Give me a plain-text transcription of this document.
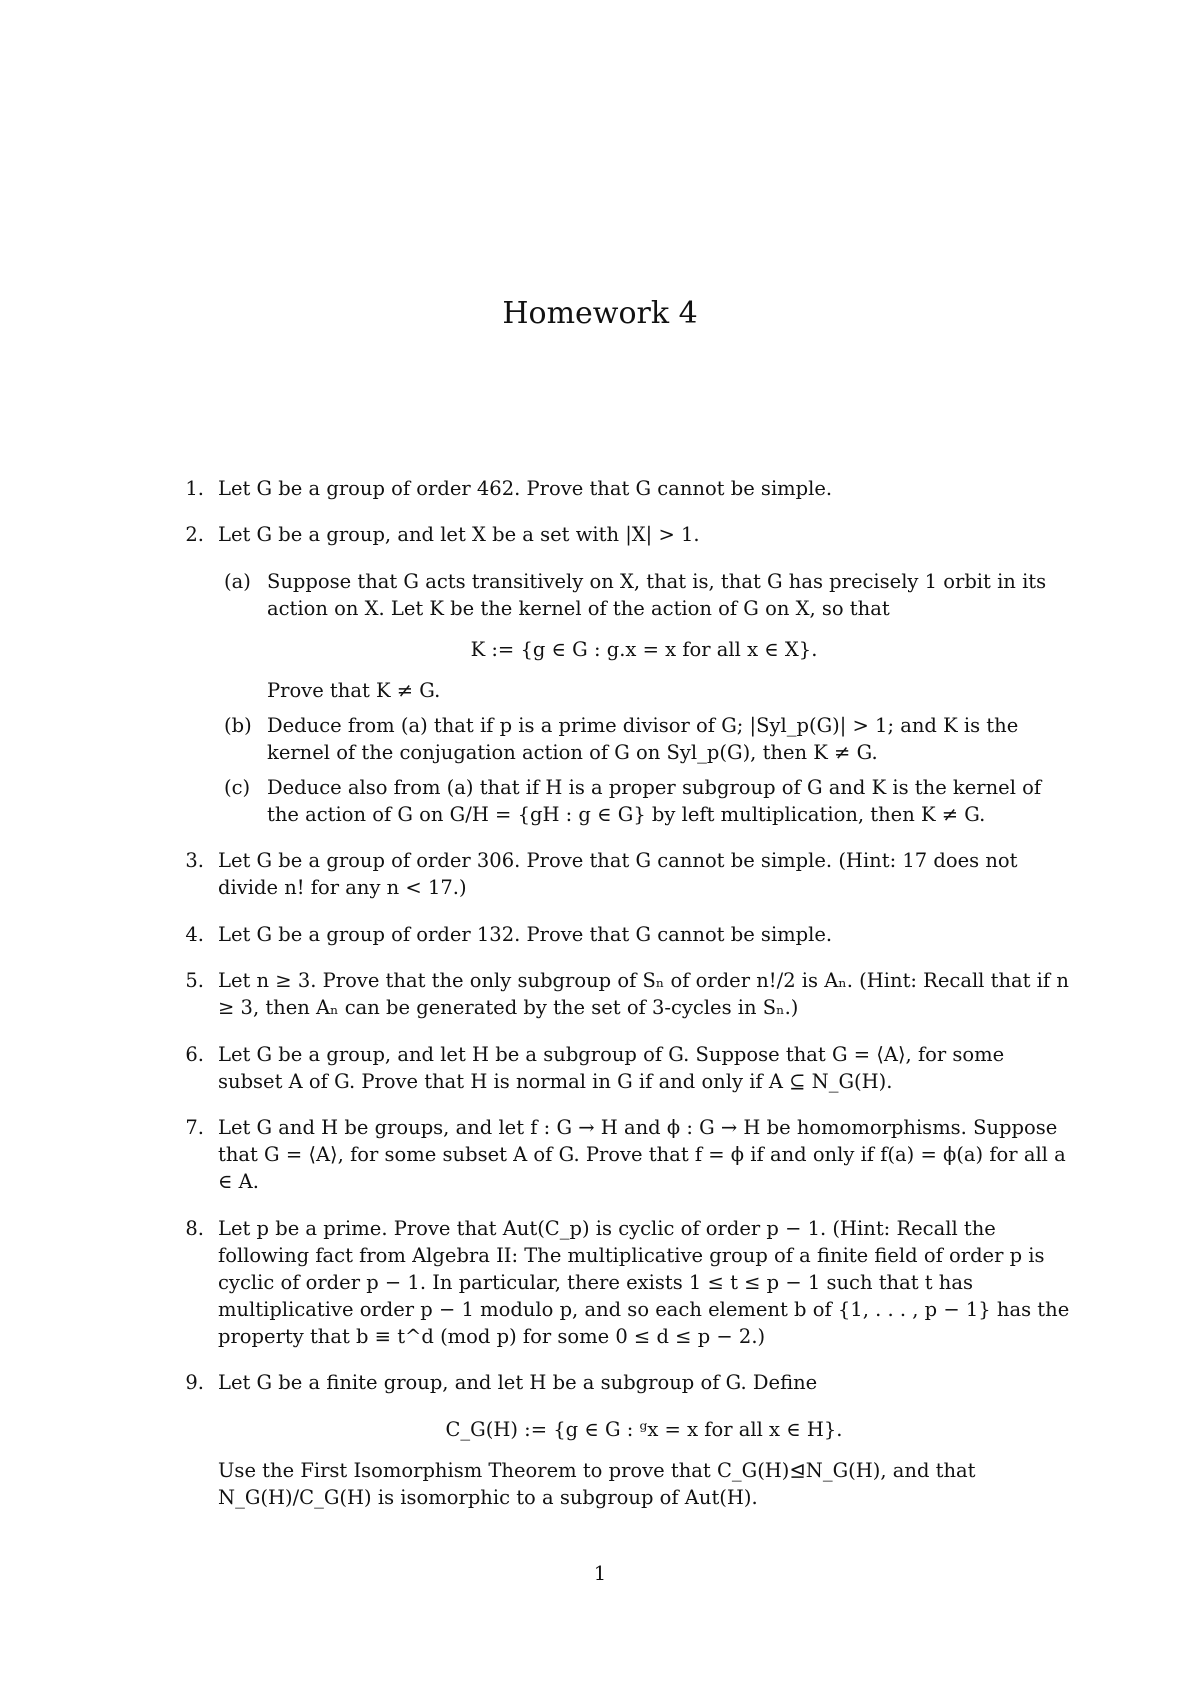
Homework 4
1. Let G be a group of order 462. Prove that G cannot be simple.

2. Let G be a group, and let X be a set with |X| > 1.

(a) Suppose that G acts transitively on X, that is, that G has precisely 1 orbit in its action on X. Let K be the kernel of the action of G on X, so that

K := {g ∈ G : g.x = x for all x ∈ X}.

Prove that K ≠ G.

(b) Deduce from (a) that if p is a prime divisor of G; |Syl_p(G)| > 1; and K is the kernel of the conjugation action of G on Syl_p(G), then K ≠ G.

(c) Deduce also from (a) that if H is a proper subgroup of G and K is the kernel of the action of G on G/H = {gH : g ∈ G} by left multiplication, then K ≠ G.

3. Let G be a group of order 306. Prove that G cannot be simple. (Hint: 17 does not divide n! for any n < 17.)

4. Let G be a group of order 132. Prove that G cannot be simple.

5. Let n ≥ 3. Prove that the only subgroup of Sₙ of order n!/2 is Aₙ. (Hint: Recall that if n ≥ 3, then Aₙ can be generated by the set of 3-cycles in Sₙ.)

6. Let G be a group, and let H be a subgroup of G. Suppose that G = ⟨A⟩, for some subset A of G. Prove that H is normal in G if and only if A ⊆ N_G(H).

7. Let G and H be groups, and let f : G → H and ϕ : G → H be homomorphisms. Suppose that G = ⟨A⟩, for some subset A of G. Prove that f = ϕ if and only if f(a) = ϕ(a) for all a ∈ A.

8. Let p be a prime. Prove that Aut(C_p) is cyclic of order p − 1. (Hint: Recall the following fact from Algebra II: The multiplicative group of a finite field of order p is cyclic of order p − 1. In particular, there exists 1 ≤ t ≤ p − 1 such that t has multiplicative order p − 1 modulo p, and so each element b of {1, . . . , p − 1} has the property that b ≡ t^d (mod p) for some 0 ≤ d ≤ p − 2.)

9. Let G be a finite group, and let H be a subgroup of G. Define

C_G(H) := {g ∈ G : ᵍx = x for all x ∈ H}.

Use the First Isomorphism Theorem to prove that C_G(H)⊴N_G(H), and that N_G(H)/C_G(H) is isomorphic to a subgroup of Aut(H).

1
